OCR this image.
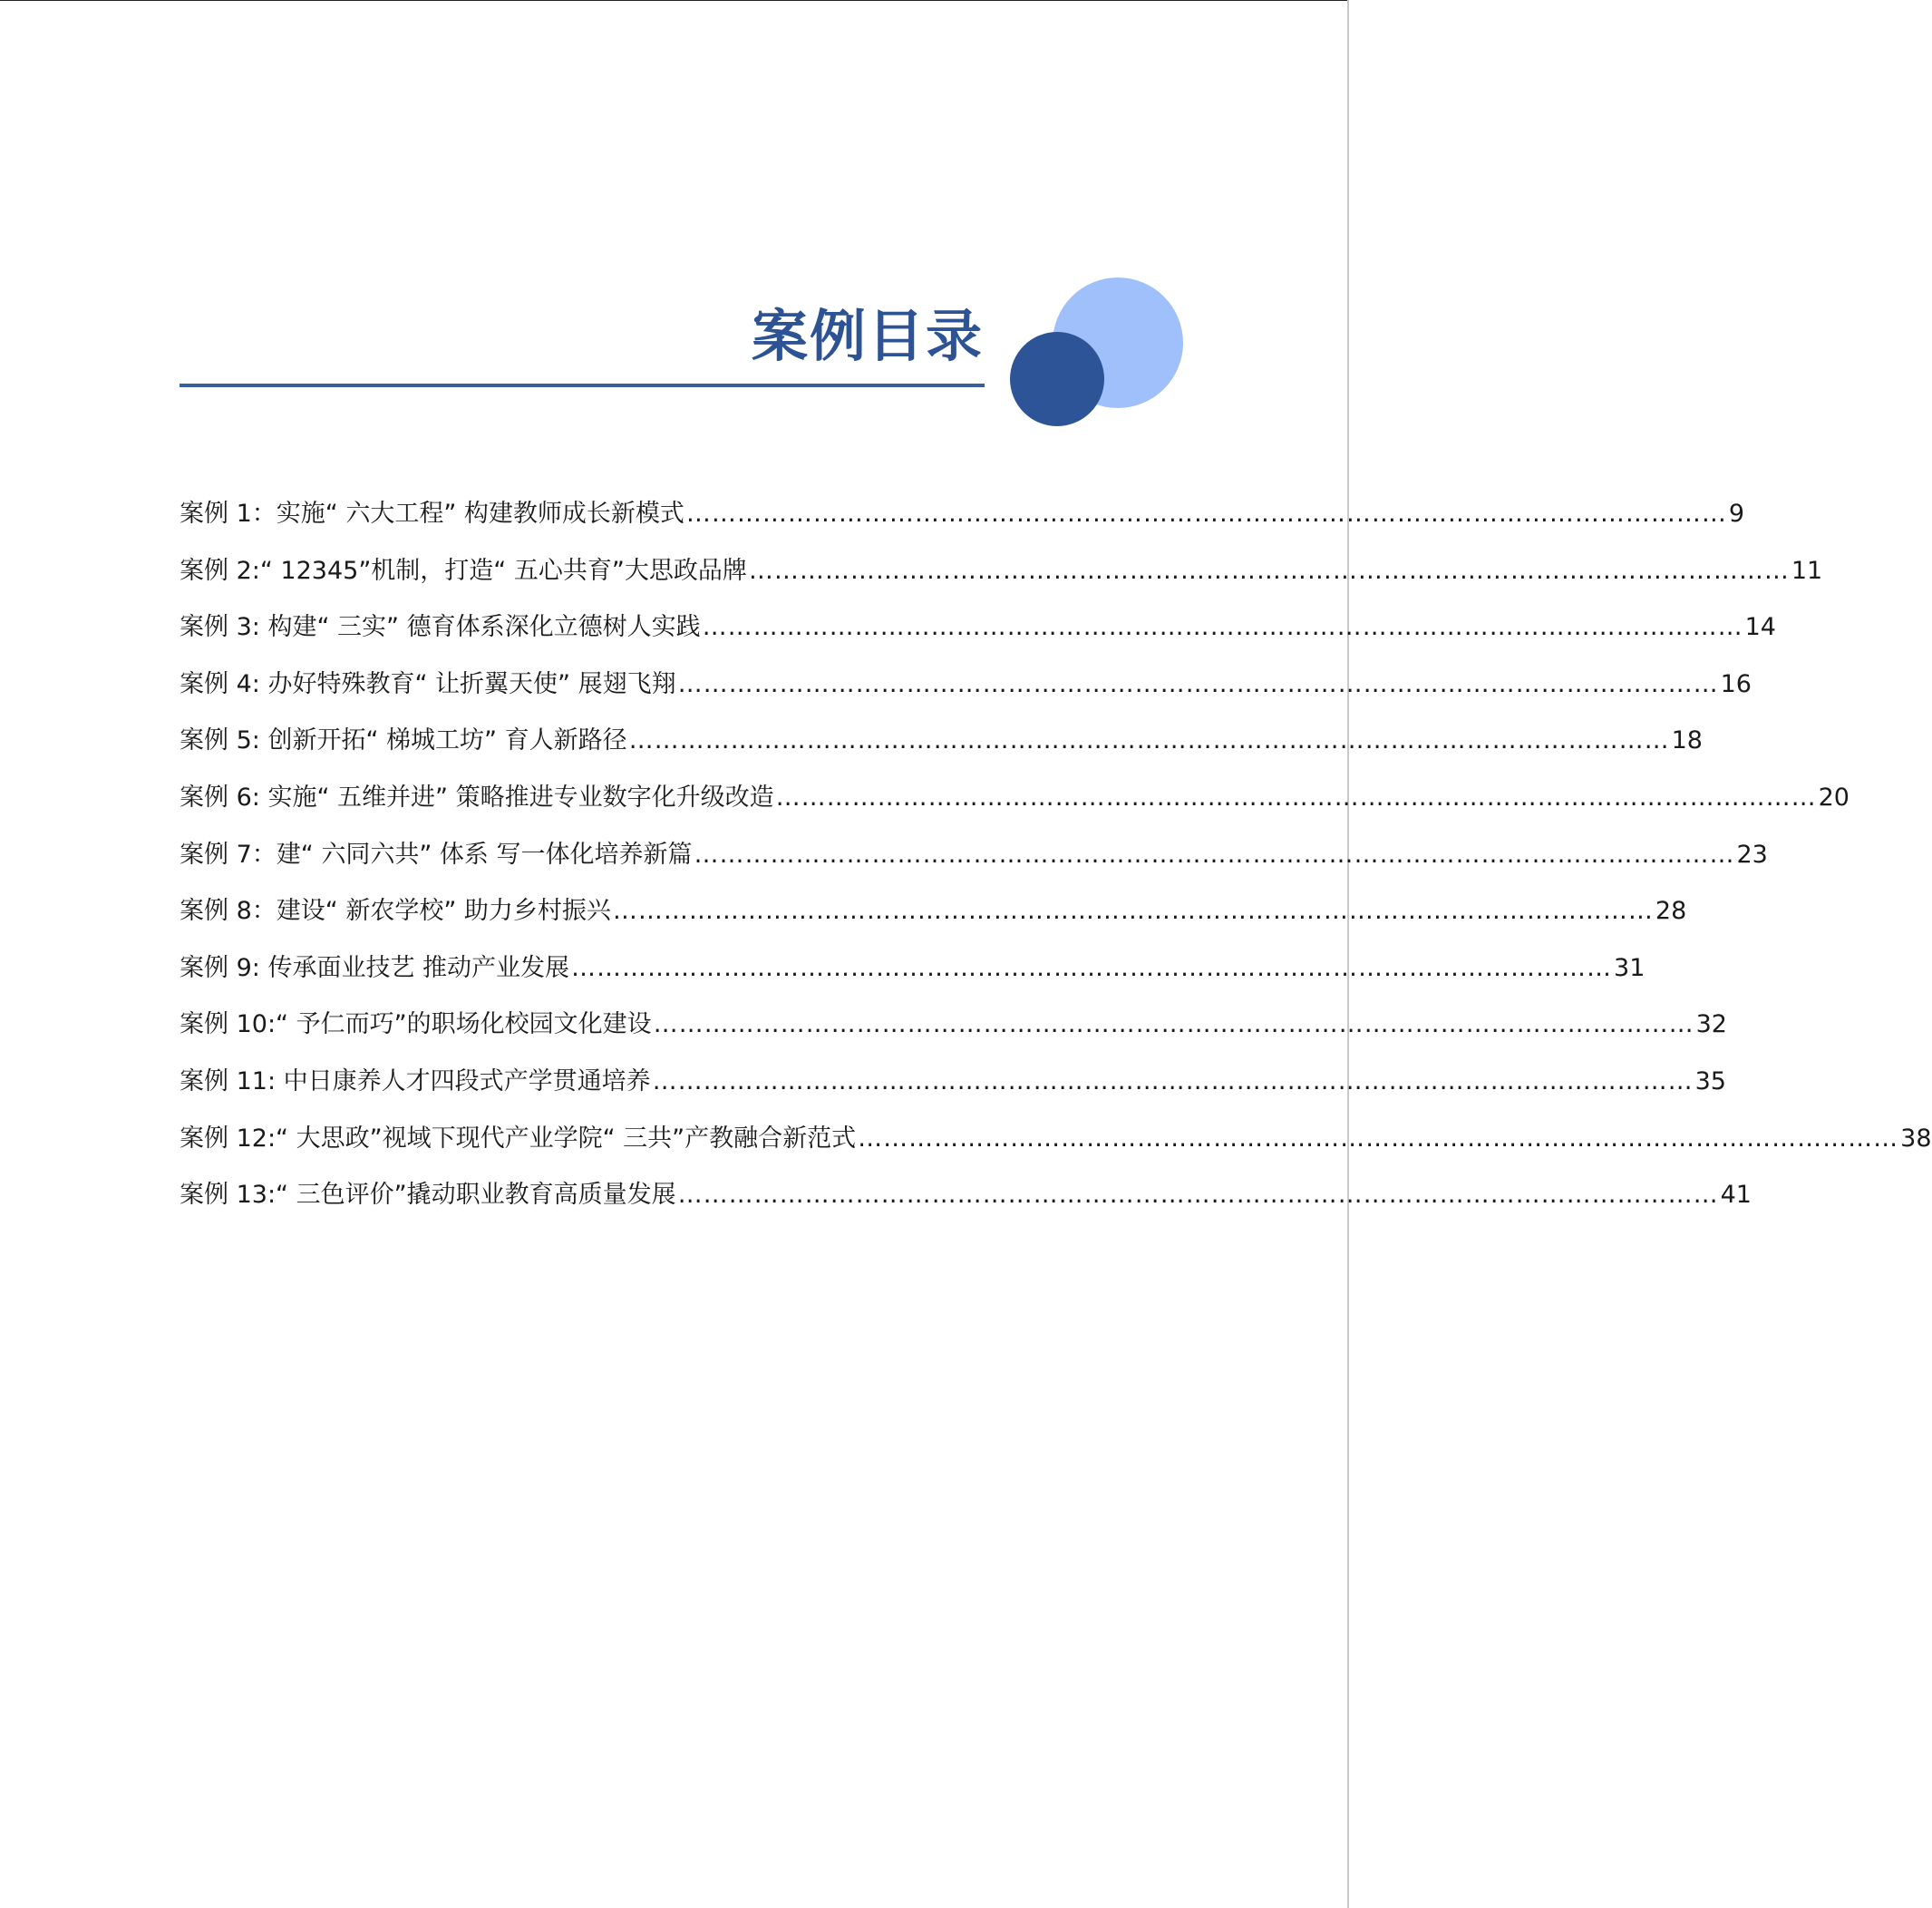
案例目录
案例 1：实施“ 六大工程” 构建教师成长新模式 …………………………………………………………………………………………………………… 9
案例 2:“ 12345”机制，打造“ 五心共育”大思政品牌 …………………………………………………………………………………………………………… 11
案例 3: 构建“ 三实” 德育体系深化立德树人实践 …………………………………………………………………………………………………………… 14
案例 4: 办好特殊教育“ 让折翼天使” 展翅飞翔 …………………………………………………………………………………………………………… 16
案例 5: 创新开拓“ 梯城工坊” 育人新路径 …………………………………………………………………………………………………………… 18
案例 6: 实施“ 五维并进” 策略推进专业数字化升级改造 …………………………………………………………………………………………………………… 20
案例 7：建“ 六同六共” 体系 写一体化培养新篇 …………………………………………………………………………………………………………… 23
案例 8：建设“ 新农学校” 助力乡村振兴 …………………………………………………………………………………………………………… 28
案例 9: 传承面业技艺 推动产业发展 …………………………………………………………………………………………………………… 31
案例 10:“ 予仁而巧”的职场化校园文化建设 …………………………………………………………………………………………………………… 32
案例 11: 中日康养人才四段式产学贯通培养 …………………………………………………………………………………………………………… 35
案例 12:“ 大思政”视域下现代产业学院“ 三共”产教融合新范式 …………………………………………………………………………………………………………… 38
案例 13:“ 三色评价”撬动职业教育高质量发展 …………………………………………………………………………………………………………… 41
